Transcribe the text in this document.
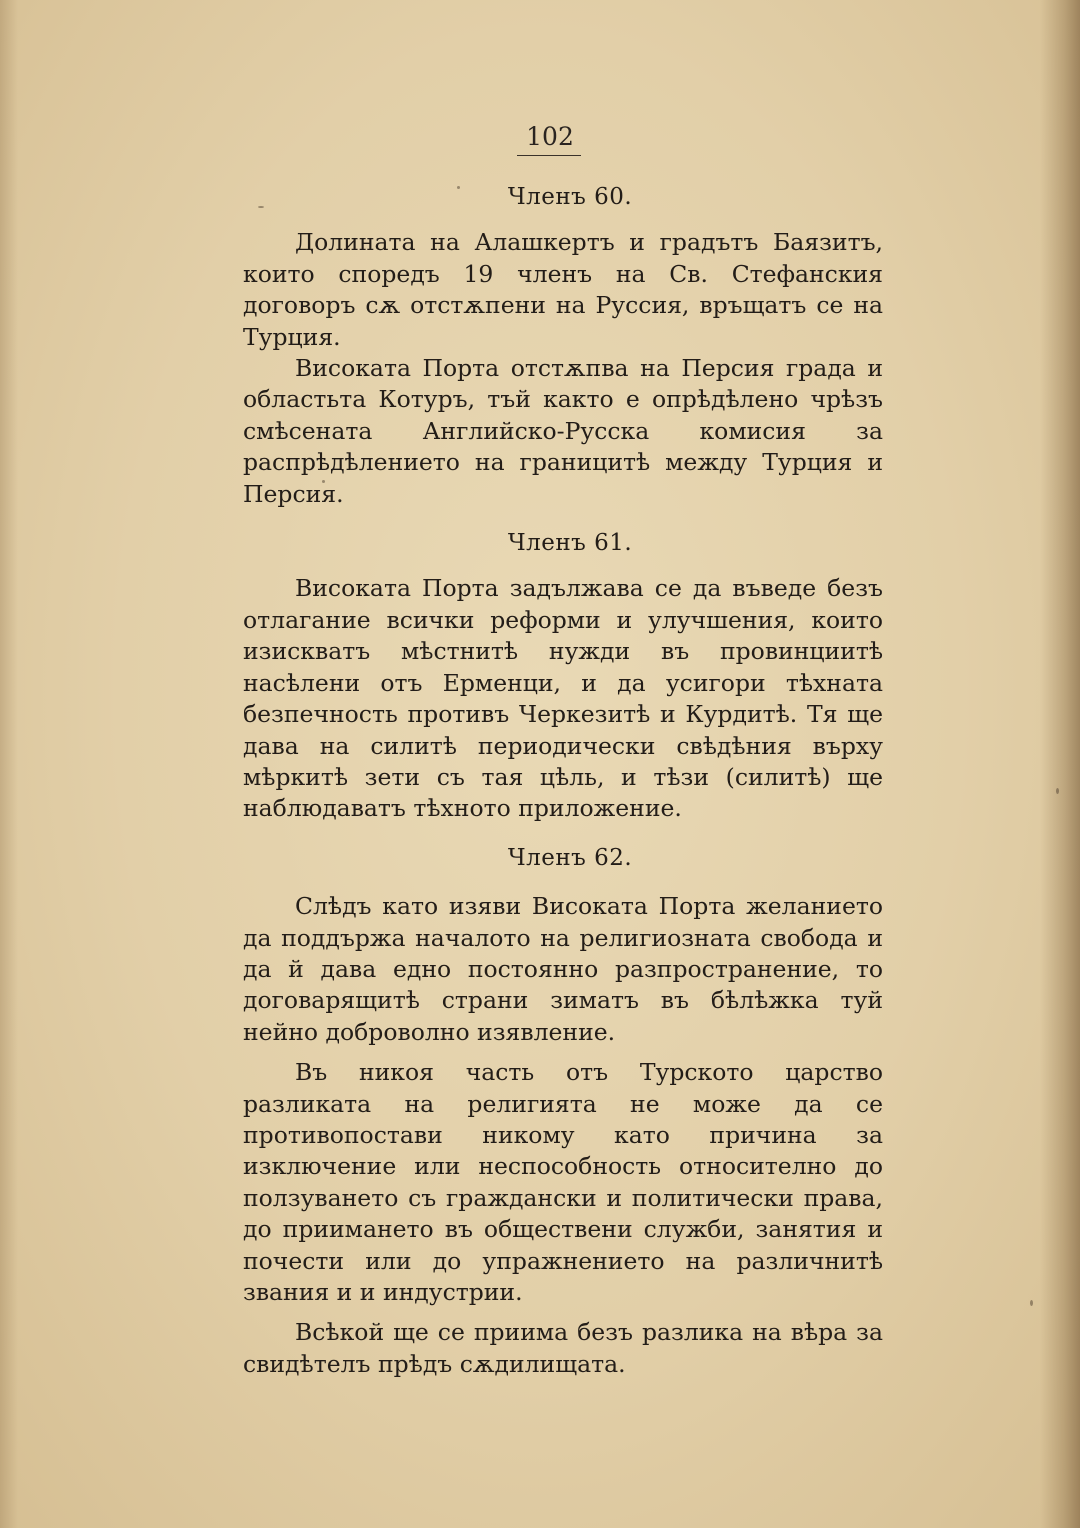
102
Членъ 60.

Долината на Алашкертъ и градътъ Баязитъ, които споредъ 19 членъ на Св. Стефанския договоръ сѫ отстѫпени на Руссия, връщатъ се на Турция.

Високата Порта отстѫпва на Персия града и областьта Котуръ, тъй както е опрѣдѣлено чрѣзъ смѣсената Английско-Русска комисия за распрѣдѣлението на границитѣ между Турция и Персия.

Членъ 61.

Високата Порта задължава се да въведе безъ отлагание всички реформи и улучшения, които изискватъ мѣстнитѣ нужди въ провинциитѣ насѣлени отъ Ерменци, и да усигори тѣхната безпечность противъ Черкезитѣ и Курдитѣ. Тя ще дава на силитѣ периодически свѣдѣния върху мѣркитѣ зети съ тая цѣль, и тѣзи (силитѣ) ще наблюдаватъ тѣхното приложение.

Членъ 62.

Слѣдъ като изяви Високата Порта желанието да поддържа началото на религиозната свобода и да й дава едно постоянно разпространение, то договарящитѣ страни зиматъ въ бѣлѣжка туй нейно доброволно изявление.

Въ никоя часть отъ Турското царство разликата на религията не може да се противопостави никому като причина за изключение или неспособность относително до ползуването съ граждански и политически права, до приимането въ обществени служби, занятия и почести или до упражнението на различнитѣ звания и и индустрии.

Всѣкой ще се приима безъ разлика на вѣра за свидѣтелъ прѣдъ сѫдилищата.
